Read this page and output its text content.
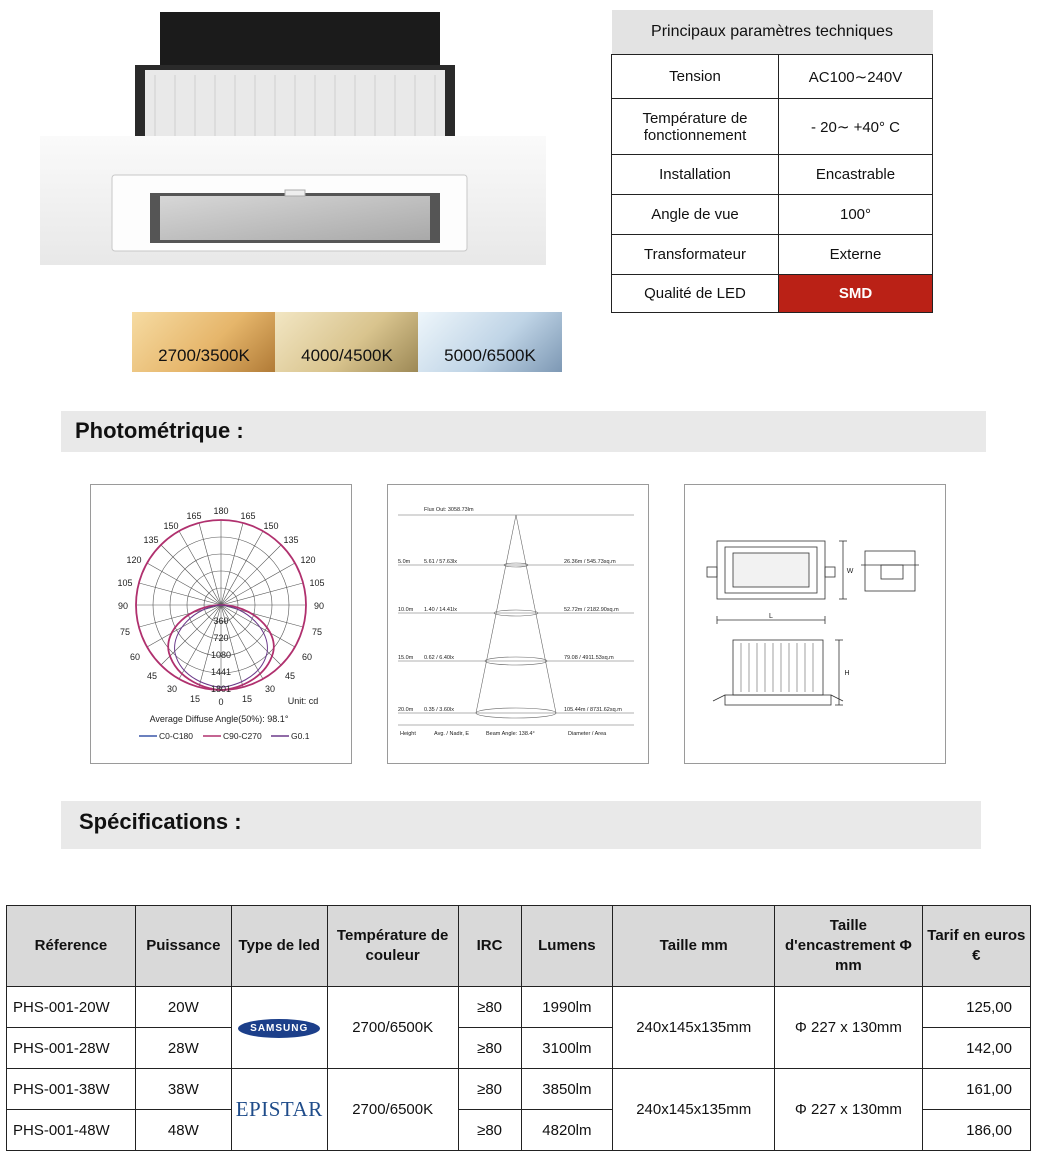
2700/3500K	4000/4500K	5000/6500K
Principaux paramètres techniques	
Tension	AC100∼240V
Température de fonctionnement	- 20∼ +40° C
Installation	Encastrable
Angle de vue	100°
Transformateur	Externe
Qualité de LED	SMD
Photométrique :
180
165	165
150	150
135	135
120	120
105	105
90	90
75	75
60	60
45	45
30	30
15	15
0
360
720
1080
1441
1801
Unit: cd
Average Diffuse Angle(50%): 98.1°
C0-C180	C90-C270	G0.1
Flux Out: 3058.73lm
5.0m	5.61 / 57.63lx	26.36m / 545.73sq.m
10.0m 1.40 / 14.41lx	52.72m / 2182.90sq.m
15.0m 0.62 / 6.40lx	79.08 / 4911.53sq.m
20.0m 0.35 / 3.60lx	105.44m / 8731.62sq.m
Height	Avg. / Nadir, E	Beam Angle: 138.4°	Diameter / Area
L
W
H
Spécifications :
Réference	Puissance	Type de led	Température de couleur	IRC	Lumens	Taille mm	Taille d'encastrement Φ mm	Tarif en euros €
PHS-001-20W	20W	SAMSUNG	2700/6500K	≥80	1990lm	240x145x135mm	Φ 227 x 130mm	125,00
PHS-001-28W	28W			≥80	3100lm			142,00
PHS-001-38W	38W	EPISTAR	2700/6500K	≥80	3850lm	240x145x135mm	Φ 227 x 130mm	161,00
PHS-001-48W	48W			≥80	4820lm			186,00
